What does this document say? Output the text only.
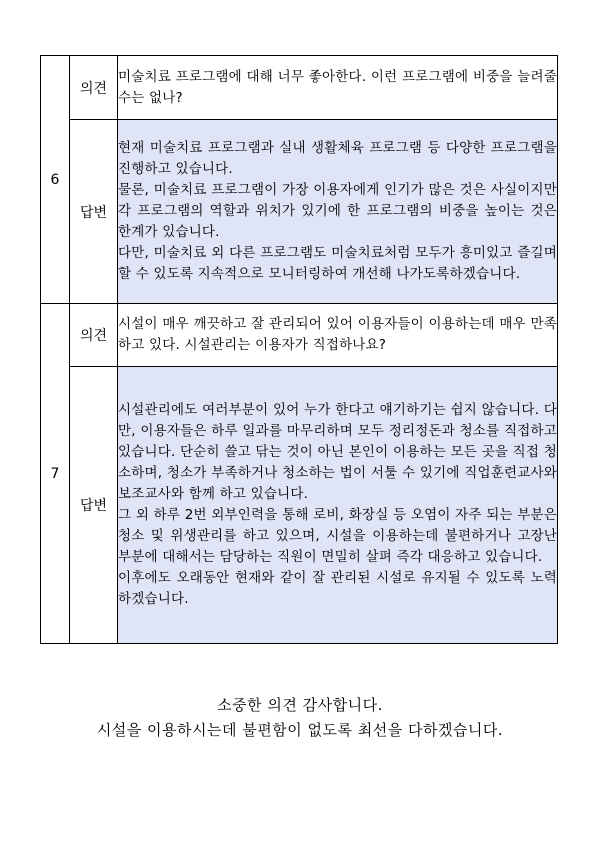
6	의견	미술치료 프로그램에 대해 너무 좋아한다. 이런 프로그램에 비중을 늘려줄 수는 없나?
	답변	현재 미술치료 프로그램과 실내 생활체육 프로그램 등 다양한 프로그램을 진행하고 있습니다.
물론, 미술치료 프로그램이 가장 이용자에게 인기가 많은 것은 사실이지만 각 프로그램의 역할과 위치가 있기에 한 프로그램의 비중을 높이는 것은 한계가 있습니다.
다만, 미술치료 외 다른 프로그램도 미술치료처럼 모두가 흥미있고 즐길며 할 수 있도록 지속적으로 모니터링하여 개선해 나가도록하겠습니다.

7	의견	시설이 매우 깨끗하고 잘 관리되어 있어 이용자들이 이용하는데 매우 만족하고 있다. 시설관리는 이용자가 직접하나요?
	답변	시설관리에도 여러부분이 있어 누가 한다고 얘기하기는 쉽지 않습니다. 다만, 이용자들은 하루 일과를 마무리하며 모두 정리정돈과 청소를 직접하고 있습니다. 단순히 쓸고 닦는 것이 아닌 본인이 이용하는 모든 곳을 직접 청소하며, 청소가 부족하거나 청소하는 법이 서툴 수 있기에 직업훈련교사와 보조교사와 함께 하고 있습니다.
그 외 하루 2번 외부인력을 통해 로비, 화장실 등 오염이 자주 되는 부분은 청소 및 위생관리를 하고 있으며, 시설을 이용하는데 불편하거나 고장난 부분에 대해서는 담당하는 직원이 면밀히 살펴 즉각 대응하고 있습니다.
이후에도 오래동안 현재와 같이 잘 관리된 시설로 유지될 수 있도록 노력하겠습니다.
소중한 의견 감사합니다.
시설을 이용하시는데 불편함이 없도록 최선을 다하겠습니다.
